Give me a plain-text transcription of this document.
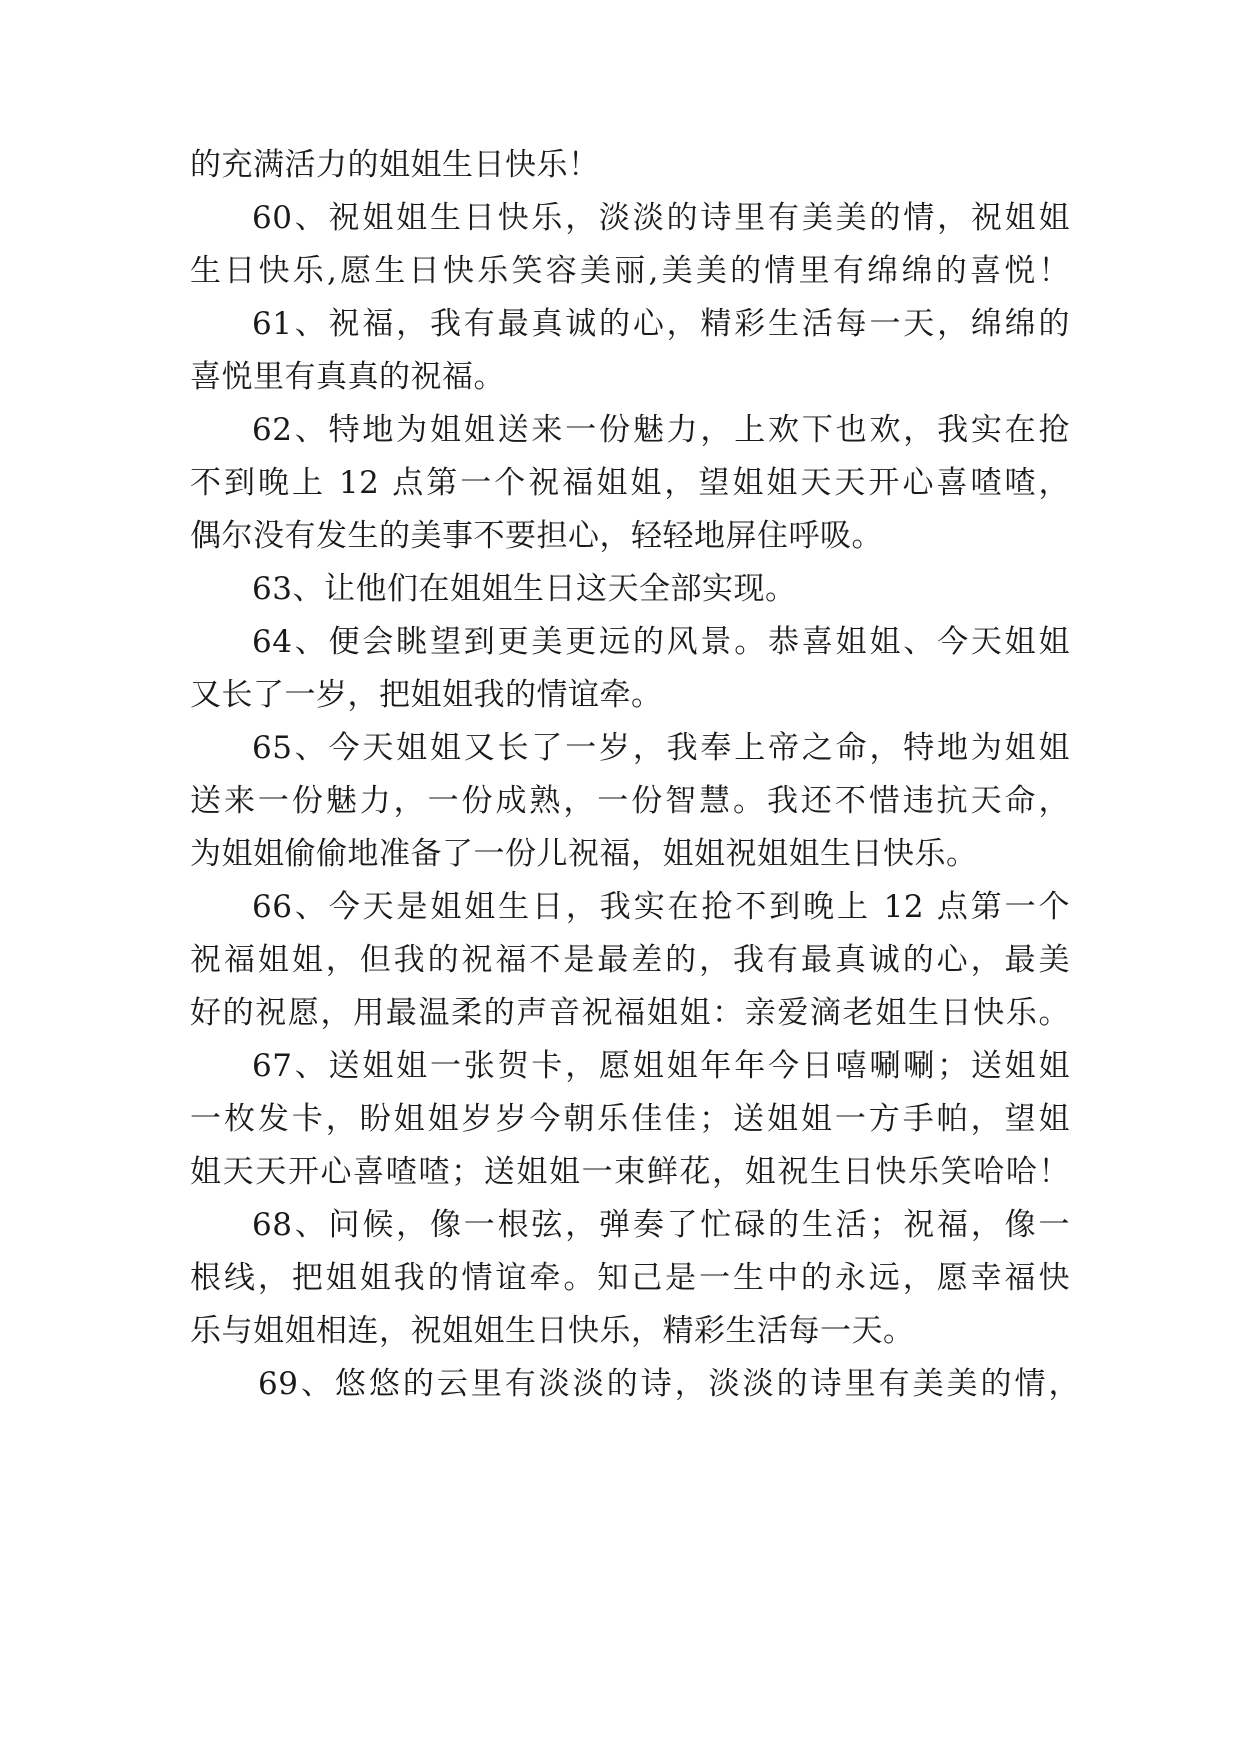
的充满活力的姐姐生日快乐！
60、祝姐姐生日快乐，淡淡的诗里有美美的情，祝姐姐
生日快乐,愿生日快乐笑容美丽,美美的情里有绵绵的喜悦！
61、祝福，我有最真诚的心，精彩生活每一天，绵绵的
喜悦里有真真的祝福。
62、特地为姐姐送来一份魅力，上欢下也欢，我实在抢
不到晚上 12 点第一个祝福姐姐，望姐姐天天开心喜喳喳，
偶尔没有发生的美事不要担心，轻轻地屏住呼吸。
63、让他们在姐姐生日这天全部实现。
64、便会眺望到更美更远的风景。恭喜姐姐、今天姐姐
又长了一岁，把姐姐我的情谊牵。
65、今天姐姐又长了一岁，我奉上帝之命，特地为姐姐
送来一份魅力，一份成熟，一份智慧。我还不惜违抗天命，
为姐姐偷偷地准备了一份儿祝福，姐姐祝姐姐生日快乐。
66、今天是姐姐生日，我实在抢不到晚上 12 点第一个
祝福姐姐，但我的祝福不是最差的，我有最真诚的心，最美
好的祝愿，用最温柔的声音祝福姐姐：亲爱滴老姐生日快乐。
67、送姐姐一张贺卡，愿姐姐年年今日嘻唰唰；送姐姐
一枚发卡，盼姐姐岁岁今朝乐佳佳；送姐姐一方手帕，望姐
姐天天开心喜喳喳；送姐姐一束鲜花，姐祝生日快乐笑哈哈！
68、问候，像一根弦，弹奏了忙碌的生活；祝福，像一
根线，把姐姐我的情谊牵。知己是一生中的永远，愿幸福快
乐与姐姐相连，祝姐姐生日快乐，精彩生活每一天。
69、悠悠的云里有淡淡的诗，淡淡的诗里有美美的情，
